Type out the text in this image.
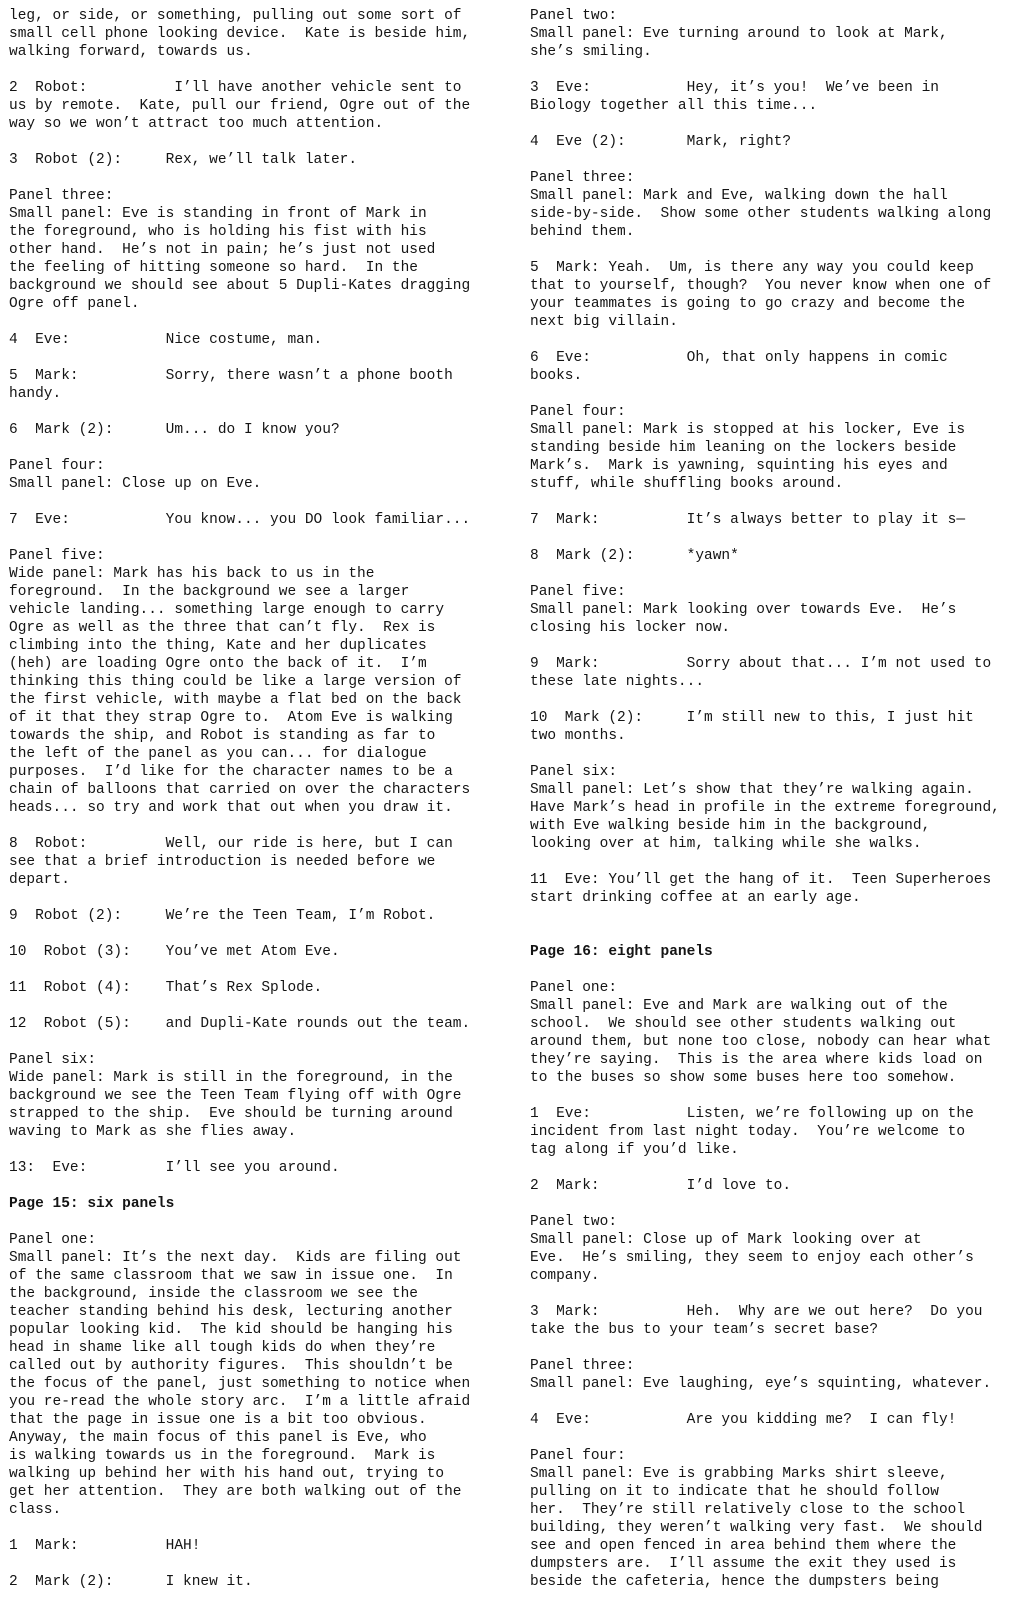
leg, or side, or something, pulling out some sort of
small cell phone looking device.  Kate is beside him,
walking forward, towards us.
2  Robot:          I’ll have another vehicle sent to
us by remote.  Kate, pull our friend, Ogre out of the
way so we won’t attract too much attention.
3  Robot (2):     Rex, we’ll talk later.
Panel three:
Small panel: Eve is standing in front of Mark in
the foreground, who is holding his fist with his
other hand.  He’s not in pain; he’s just not used
the feeling of hitting someone so hard.  In the
background we should see about 5 Dupli-Kates dragging
Ogre off panel.
4  Eve:           Nice costume, man.
5  Mark:          Sorry, there wasn’t a phone booth
handy.
6  Mark (2):      Um... do I know you?
Panel four:
Small panel: Close up on Eve.
7  Eve:           You know... you DO look familiar...
Panel five:
Wide panel: Mark has his back to us in the
foreground.  In the background we see a larger
vehicle landing... something large enough to carry
Ogre as well as the three that can’t fly.  Rex is
climbing into the thing, Kate and her duplicates
(heh) are loading Ogre onto the back of it.  I’m
thinking this thing could be like a large version of
the first vehicle, with maybe a flat bed on the back
of it that they strap Ogre to.  Atom Eve is walking
towards the ship, and Robot is standing as far to
the left of the panel as you can... for dialogue
purposes.  I’d like for the character names to be a
chain of balloons that carried on over the characters
heads... so try and work that out when you draw it.
8  Robot:         Well, our ride is here, but I can
see that a brief introduction is needed before we
depart.
9  Robot (2):     We’re the Teen Team, I’m Robot.
10  Robot (3):    You’ve met Atom Eve.
11  Robot (4):    That’s Rex Splode.
12  Robot (5):    and Dupli-Kate rounds out the team.
Panel six:
Wide panel: Mark is still in the foreground, in the
background we see the Teen Team flying off with Ogre
strapped to the ship.  Eve should be turning around
waving to Mark as she flies away.
13:  Eve:         I’ll see you around.
Page 15: six panels
Panel one:
Small panel: It’s the next day.  Kids are filing out
of the same classroom that we saw in issue one.  In
the background, inside the classroom we see the
teacher standing behind his desk, lecturing another
popular looking kid.  The kid should be hanging his
head in shame like all tough kids do when they’re
called out by authority figures.  This shouldn’t be
the focus of the panel, just something to notice when
you re-read the whole story arc.  I’m a little afraid
that the page in issue one is a bit too obvious.
Anyway, the main focus of this panel is Eve, who
is walking towards us in the foreground.  Mark is
walking up behind her with his hand out, trying to
get her attention.  They are both walking out of the
class.
1  Mark:          HAH!
2  Mark (2):      I knew it.
Panel two:
Small panel: Eve turning around to look at Mark,
she’s smiling.
3  Eve:           Hey, it’s you!  We’ve been in
Biology together all this time...
4  Eve (2):       Mark, right?
Panel three:
Small panel: Mark and Eve, walking down the hall
side-by-side.  Show some other students walking along
behind them.
5  Mark: Yeah.  Um, is there any way you could keep
that to yourself, though?  You never know when one of
your teammates is going to go crazy and become the
next big villain.
6  Eve:           Oh, that only happens in comic
books.
Panel four:
Small panel: Mark is stopped at his locker, Eve is
standing beside him leaning on the lockers beside
Mark’s.  Mark is yawning, squinting his eyes and
stuff, while shuffling books around.
7  Mark:          It’s always better to play it s—
8  Mark (2):      *yawn*
Panel five:
Small panel: Mark looking over towards Eve.  He’s
closing his locker now.
9  Mark:          Sorry about that... I’m not used to
these late nights...
10  Mark (2):     I’m still new to this, I just hit
two months.
Panel six:
Small panel: Let’s show that they’re walking again.
Have Mark’s head in profile in the extreme foreground,
with Eve walking beside him in the background,
looking over at him, talking while she walks.
11  Eve: You’ll get the hang of it.  Teen Superheroes
start drinking coffee at an early age.
Page 16: eight panels
Panel one:
Small panel: Eve and Mark are walking out of the
school.  We should see other students walking out
around them, but none too close, nobody can hear what
they’re saying.  This is the area where kids load on
to the buses so show some buses here too somehow.
1  Eve:           Listen, we’re following up on the
incident from last night today.  You’re welcome to
tag along if you’d like.
2  Mark:          I’d love to.
Panel two:
Small panel: Close up of Mark looking over at
Eve.  He’s smiling, they seem to enjoy each other’s
company.
3  Mark:          Heh.  Why are we out here?  Do you
take the bus to your team’s secret base?
Panel three:
Small panel: Eve laughing, eye’s squinting, whatever.
4  Eve:           Are you kidding me?  I can fly!
Panel four:
Small panel: Eve is grabbing Marks shirt sleeve,
pulling on it to indicate that he should follow
her.  They’re still relatively close to the school
building, they weren’t walking very fast.  We should
see and open fenced in area behind them where the
dumpsters are.  I’ll assume the exit they used is
beside the cafeteria, hence the dumpsters being
